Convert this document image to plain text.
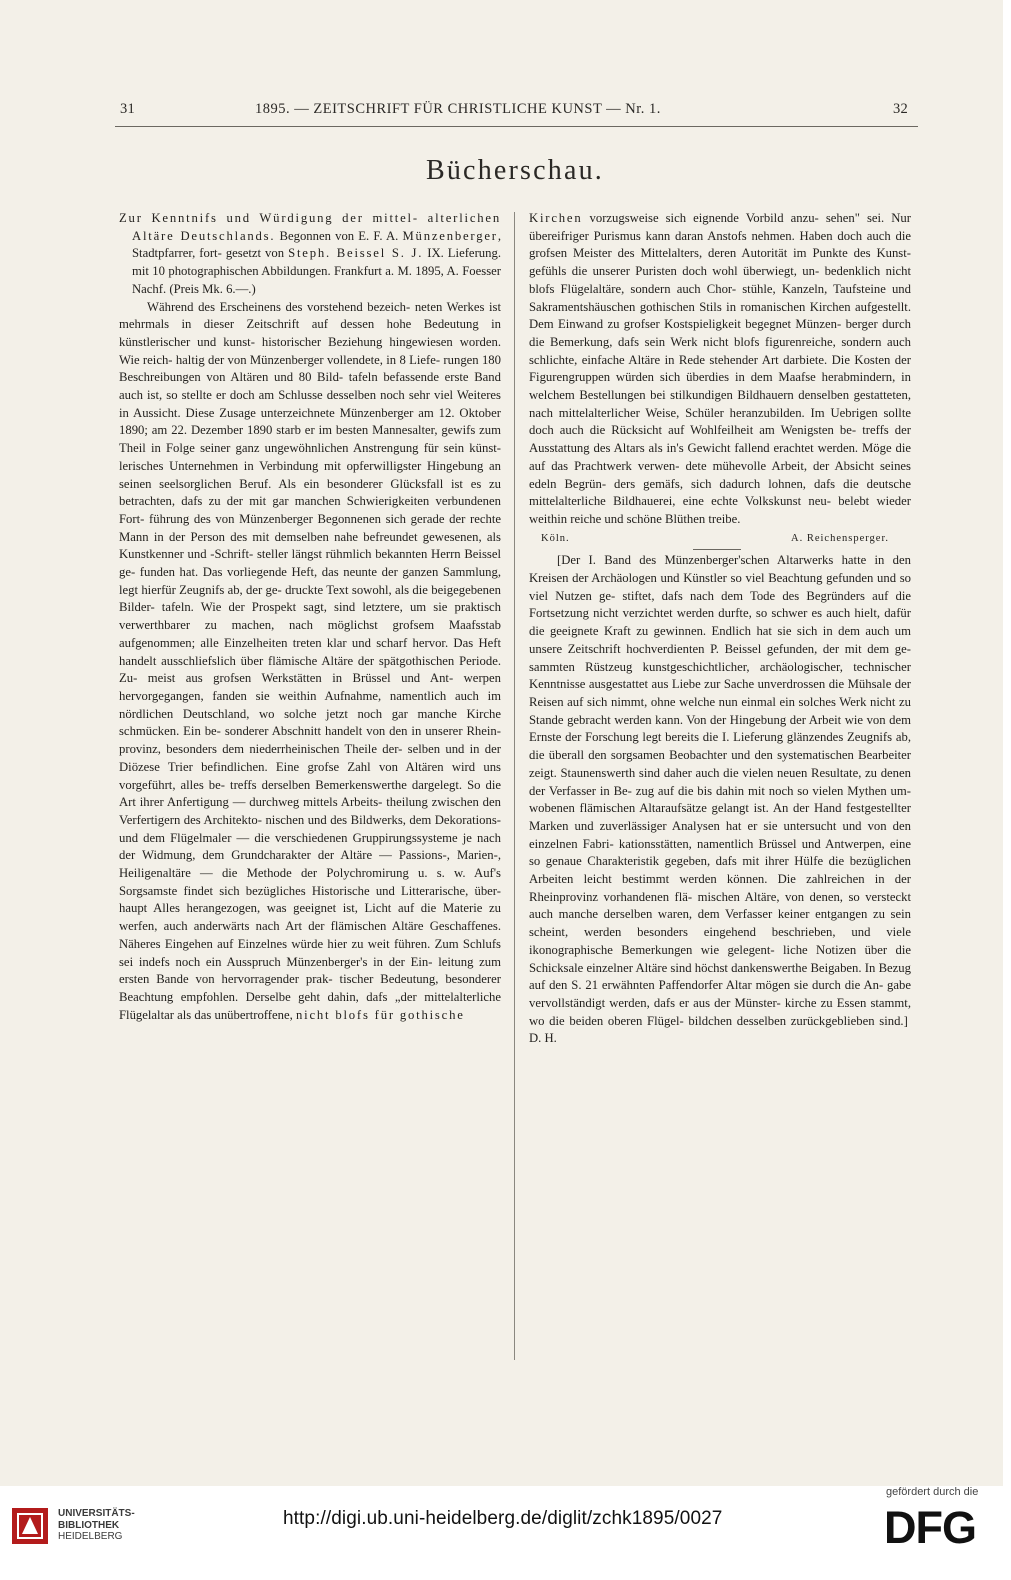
31	1895. — ZEITSCHRIFT FÜR CHRISTLICHE KUNST — Nr. 1.	32
Bücherschau.

Zur Kenntnifs und Würdigung der mittel- alterlichen Altäre Deutschlands. Begonnen von E. F. A. Münzenberger, Stadtpfarrer, fort- gesetzt von Steph. Beissel S. J. IX. Lieferung. mit 10 photographischen Abbildungen. Frankfurt a. M. 1895, A. Foesser Nachf. (Preis Mk. 6.—.)

Während des Erscheinens des vorstehend bezeich- neten Werkes ist mehrmals in dieser Zeitschrift auf dessen hohe Bedeutung in künstlerischer und kunst- historischer Beziehung hingewiesen worden. Wie reich- haltig der von Münzenberger vollendete, in 8 Liefe- rungen 180 Beschreibungen von Altären und 80 Bild- tafeln befassende erste Band auch ist, so stellte er doch am Schlusse desselben noch sehr viel Weiteres in Aussicht. Diese Zusage unterzeichnete Münzenberger am 12. Oktober 1890; am 22. Dezember 1890 starb er im besten Mannesalter, gewifs zum Theil in Folge seiner ganz ungewöhnlichen Anstrengung für sein künst- lerisches Unternehmen in Verbindung mit opferwilligster Hingebung an seinen seelsorglichen Beruf. Als ein besonderer Glücksfall ist es zu betrachten, dafs zu der mit gar manchen Schwierigkeiten verbundenen Fort- führung des von Münzenberger Begonnenen sich gerade der rechte Mann in der Person des mit demselben nahe befreundet gewesenen, als Kunstkenner und -Schrift- steller längst rühmlich bekannten Herrn Beissel ge- funden hat. Das vorliegende Heft, das neunte der ganzen Sammlung, legt hierfür Zeugnifs ab, der ge- druckte Text sowohl, als die beigegebenen Bilder- tafeln. Wie der Prospekt sagt, sind letztere, um sie praktisch verwerthbarer zu machen, nach möglichst grofsem Maafsstab aufgenommen; alle Einzelheiten treten klar und scharf hervor. Das Heft handelt ausschliefslich über flämische Altäre der spätgothischen Periode. Zu- meist aus grofsen Werkstätten in Brüssel und Ant- werpen hervorgegangen, fanden sie weithin Aufnahme, namentlich auch im nördlichen Deutschland, wo solche jetzt noch gar manche Kirche schmücken. Ein be- sonderer Abschnitt handelt von den in unserer Rhein- provinz, besonders dem niederrheinischen Theile der- selben und in der Diözese Trier befindlichen. Eine grofse Zahl von Altären wird uns vorgeführt, alles be- treffs derselben Bemerkenswerthe dargelegt. So die Art ihrer Anfertigung — durchweg mittels Arbeits- theilung zwischen den Verfertigern des Architekto- nischen und des Bildwerks, dem Dekorations- und dem Flügelmaler — die verschiedenen Gruppirungssysteme je nach der Widmung, dem Grundcharakter der Altäre — Passions-, Marien-, Heiligenaltäre — die Methode der Polychromirung u. s. w. Auf's Sorgsamste findet sich bezügliches Historische und Litterarische, über- haupt Alles herangezogen, was geeignet ist, Licht auf die Materie zu werfen, auch anderwärts nach Art der flämischen Altäre Geschaffenes. Näheres Eingehen auf Einzelnes würde hier zu weit führen. Zum Schlufs sei indefs noch ein Ausspruch Münzenberger's in der Ein- leitung zum ersten Bande von hervorragender prak- tischer Bedeutung, besonderer Beachtung empfohlen. Derselbe geht dahin, dafs „der mittelalterliche Flügelaltar als das unübertroffene, nicht blofs für gothische

Kirchen vorzugsweise sich eignende Vorbild anzu- sehen" sei. Nur übereifriger Purismus kann daran Anstofs nehmen. Haben doch auch die grofsen Meister des Mittelalters, deren Autorität im Punkte des Kunst- gefühls die unserer Puristen doch wohl überwiegt, un- bedenklich nicht blofs Flügelaltäre, sondern auch Chor- stühle, Kanzeln, Taufsteine und Sakramentshäuschen gothischen Stils in romanischen Kirchen aufgestellt. Dem Einwand zu grofser Kostspieligkeit begegnet Münzen- berger durch die Bemerkung, dafs sein Werk nicht blofs figurenreiche, sondern auch schlichte, einfache Altäre in Rede stehender Art darbiete. Die Kosten der Figurengruppen würden sich überdies in dem Maafse herabmindern, in welchem Bestellungen bei stilkundigen Bildhauern denselben gestatteten, nach mittelalterlicher Weise, Schüler heranzubilden. Im Uebrigen sollte doch auch die Rücksicht auf Wohlfeilheit am Wenigsten be- treffs der Ausstattung des Altars als in's Gewicht fallend erachtet werden. Möge die auf das Prachtwerk verwen- dete mühevolle Arbeit, der Absicht seines edeln Begrün- ders gemäfs, sich dadurch lohnen, dafs die deutsche mittelalterliche Bildhauerei, eine echte Volkskunst neu- belebt wieder weithin reiche und schöne Blüthen treibe.

Köln.	A. Reichensperger.

[Der I. Band des Münzenberger'schen Altarwerks hatte in den Kreisen der Archäologen und Künstler so viel Beachtung gefunden und so viel Nutzen ge- stiftet, dafs nach dem Tode des Begründers auf die Fortsetzung nicht verzichtet werden durfte, so schwer es auch hielt, dafür die geeignete Kraft zu gewinnen. Endlich hat sie sich in dem auch um unsere Zeitschrift hochverdienten P. Beissel gefunden, der mit dem ge- sammten Rüstzeug kunstgeschichtlicher, archäologischer, technischer Kenntnisse ausgestattet aus Liebe zur Sache unverdrossen die Mühsale der Reisen auf sich nimmt, ohne welche nun einmal ein solches Werk nicht zu Stande gebracht werden kann. Von der Hingebung der Arbeit wie von dem Ernste der Forschung legt bereits die I. Lieferung glänzendes Zeugnifs ab, die überall den sorgsamen Beobachter und den systematischen Bearbeiter zeigt. Staunenswerth sind daher auch die vielen neuen Resultate, zu denen der Verfasser in Be- zug auf die bis dahin mit noch so vielen Mythen um- wobenen flämischen Altaraufsätze gelangt ist. An der Hand festgestellter Marken und zuverlässiger Analysen hat er sie untersucht und von den einzelnen Fabri- kationsstätten, namentlich Brüssel und Antwerpen, eine so genaue Charakteristik gegeben, dafs mit ihrer Hülfe die bezüglichen Arbeiten leicht bestimmt werden können. Die zahlreichen in der Rheinprovinz vorhandenen flä- mischen Altäre, von denen, so versteckt auch manche derselben waren, dem Verfasser keiner entgangen zu sein scheint, werden besonders eingehend beschrieben, und viele ikonographische Bemerkungen wie gelegent- liche Notizen über die Schicksale einzelner Altäre sind höchst dankenswerthe Beigaben. In Bezug auf den S. 21 erwähnten Paffendorfer Altar mögen sie durch die An- gabe vervollständigt werden, dafs er aus der Münster- kirche zu Essen stammt, wo die beiden oberen Flügel- bildchen desselben zurückgeblieben sind.]  D. H.

UNIVERSITÄTS-
BIBLIOTHEK
HEIDELBERG
http://digi.ub.uni-heidelberg.de/diglit/zchk1895/0027
gefördert durch die
DFG
